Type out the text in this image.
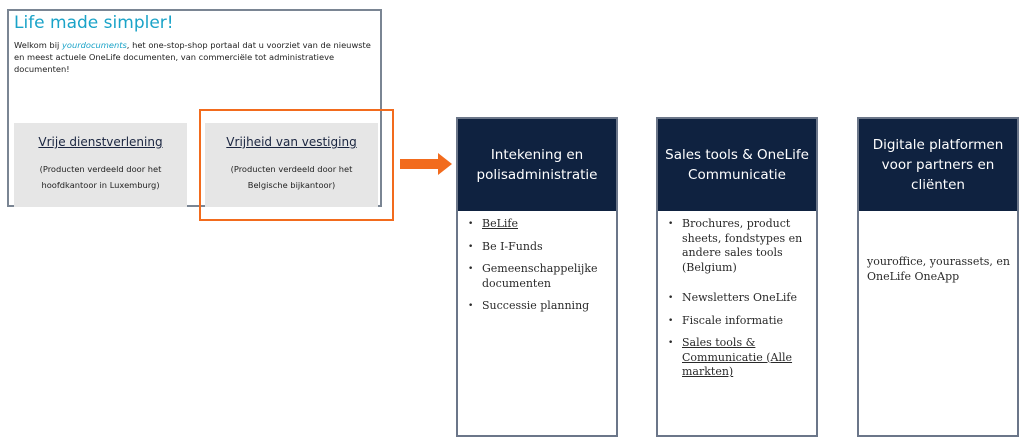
Life made simpler!
Welkom bij yourdocuments, het one-stop-shop portaal dat u voorziet van de nieuwste en meest actuele OneLife documenten, van commerciële tot administratieve documenten!
Vrije dienstverlening
(Producten verdeeld door het
hoofdkantoor in Luxemburg)
Vrijheid van vestiging
(Producten verdeeld door het
Belgische bijkantoor)
Intekening en polisadministratie
• BeLife
• Be I-Funds
• Gemeenschappelijke documenten
• Successie planning
Sales tools & OneLife Communicatie
• Brochures, product sheets, fondstypes en andere sales tools (Belgium)
• Newsletters OneLife
• Fiscale informatie
• Sales tools & Communicatie (Alle markten)
Digitale platformen voor partners en cliënten
youroffice, yourassets, en OneLife OneApp
